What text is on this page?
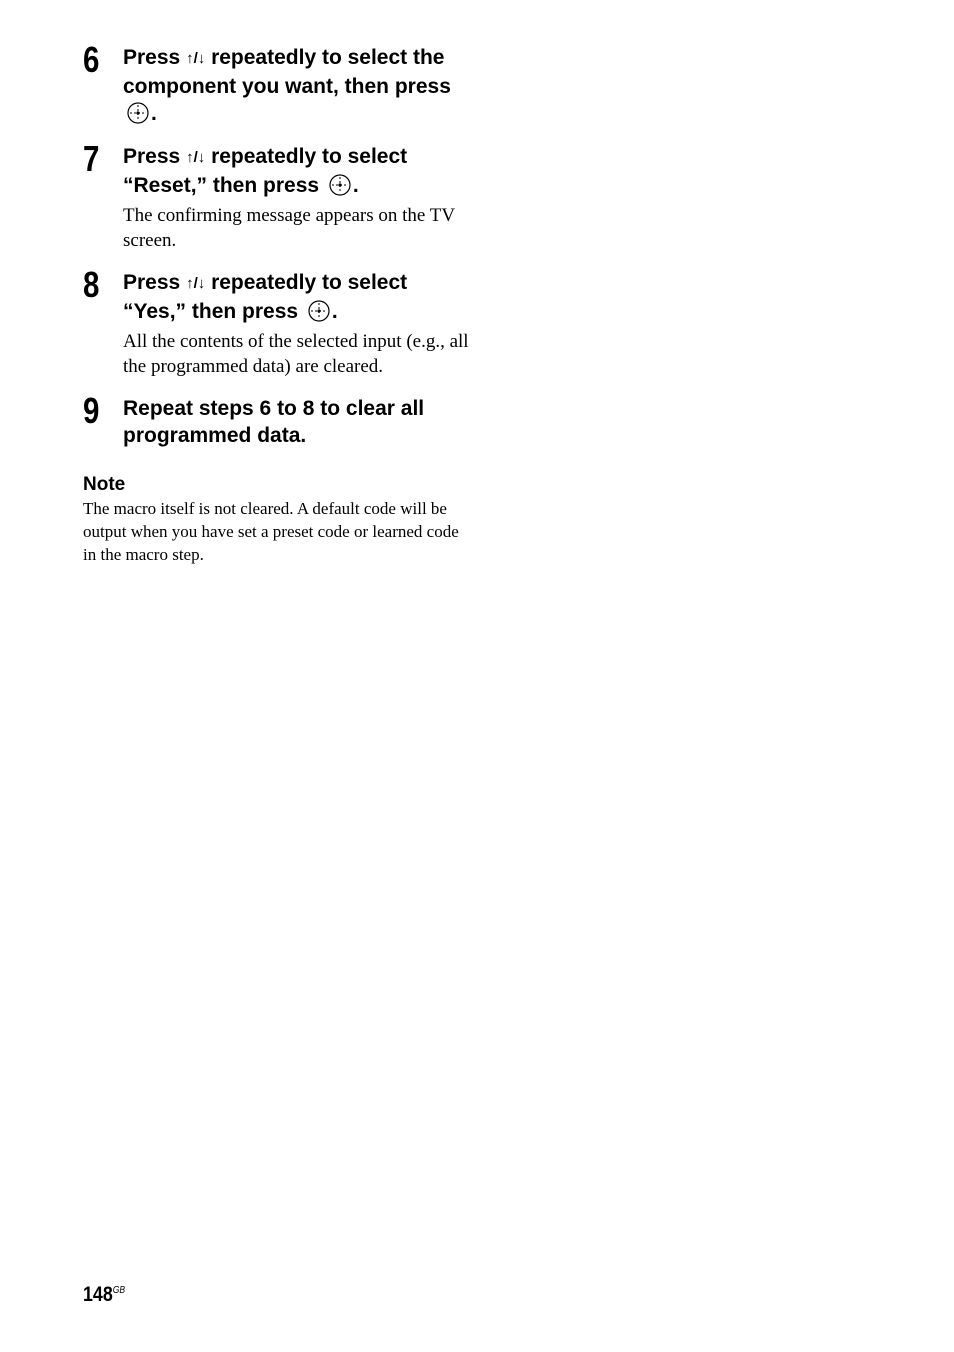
6 Press ↑/↓ repeatedly to select the component you want, then press
.

7 Press ↑/↓ repeatedly to select “Reset,” then press
.

The confirming message appears on the TV screen.

8 Press ↑/↓ repeatedly to select “Yes,” then press
.

All the contents of the selected input (e.g., all the programmed data) are cleared.

9 Repeat steps 6 to 8 to clear all programmed data.

Note

The macro itself is not cleared. A default code will be output when you have set a preset code or learned code in the macro step.

$148^{GB}$
